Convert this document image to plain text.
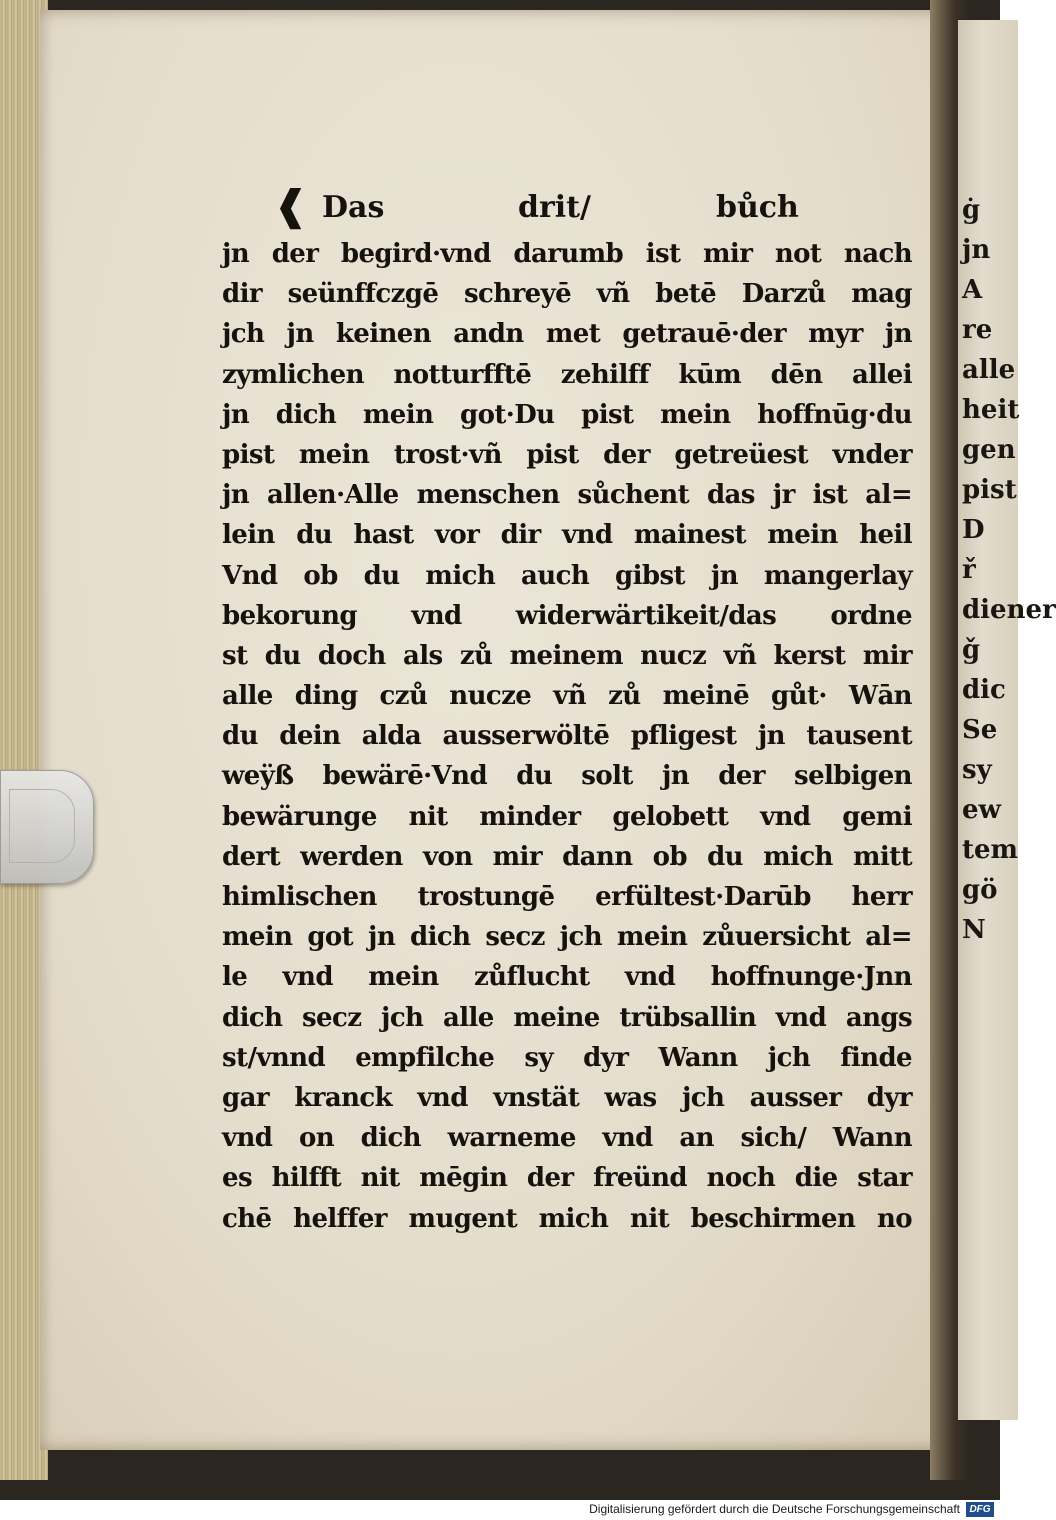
ġ
jn
A
re
alle
heit
gen
pist
D
ř
diener
ǧ
dic
Se
sy
ew
tem
gö
N
❰ Das	drit/	bůch
jn der begird·vnd darumb ist mir not nach
dir seünffczgē schreyē vñ betē Darzů mag
jch jn keinen andn met getrauē·der myr jn
zymlichen notturfftē zehilff kūm dēn allei
jn dich mein got·Du pist mein hoffnūg·du
pist mein trost·vñ pist der getreüest vnder
jn allen·Alle menschen sůchent das jr ist al=
lein du hast vor dir vnd mainest mein heil
Vnd ob du mich auch gibst jn mangerlay
bekorung vnd widerwärtikeit/das ordne
st du doch als zů meinem nucz vñ kerst mir
alle ding czů nucze vñ zů meinē gůt· Wān
du dein alda ausserwöltē pfligest jn tausent
weÿß bewärē·Vnd du solt jn der selbigen
bewärunge nit minder gelobett vnd gemi
dert werden von mir dann ob du mich mitt
himlischen trostungē erfültest·Darūb herr
mein got jn dich secz jch mein zůuersicht al=
le vnd mein zůflucht vnd hoffnunge·Jnn
dich secz jch alle meine trübsallin vnd angs
st/vnnd empfilche sy dyr Wann jch finde
gar kranck vnd vnstät was jch ausser dyr
vnd on dich warneme vnd an sich/ Wann
es hilfft nit mēgin der freünd noch die star
chē helffer mugent mich nit beschirmen no
Digitalisierung gefördert durch die Deutsche Forschungsgemeinschaft DFG
